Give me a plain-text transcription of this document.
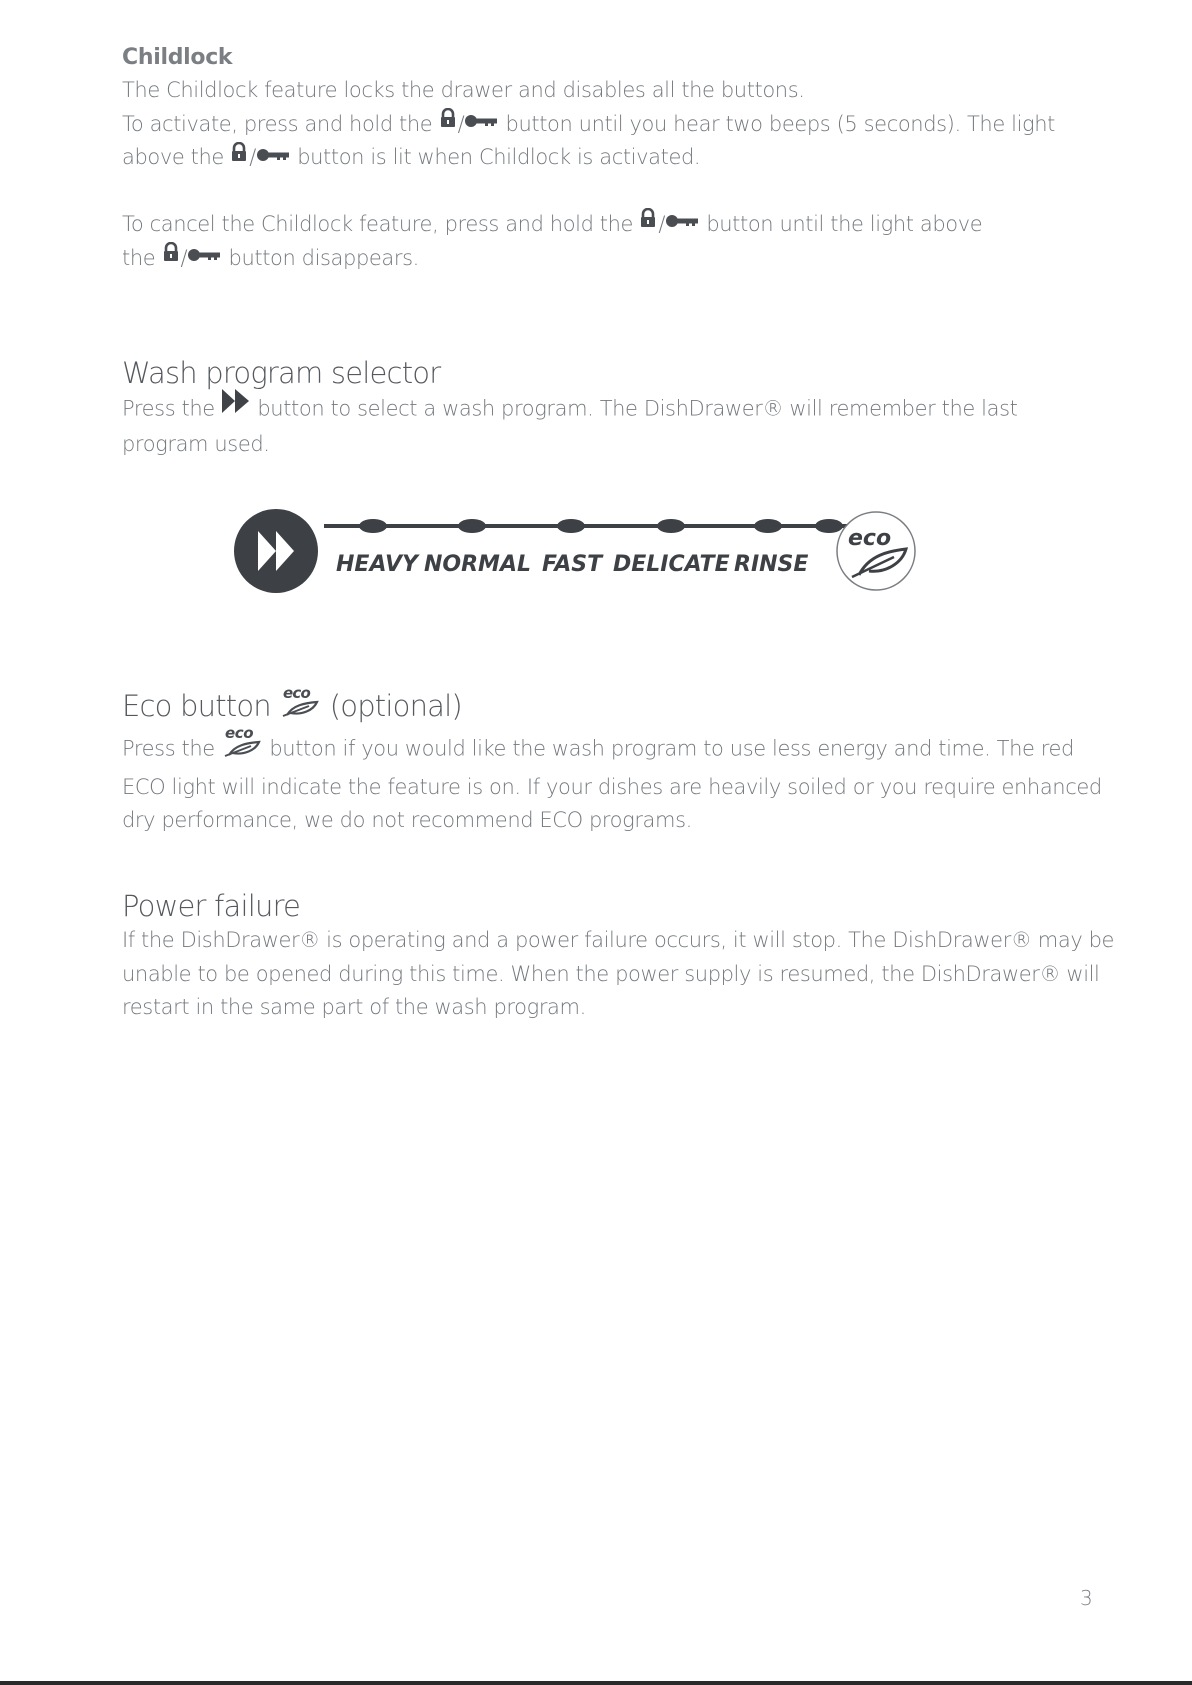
Childlock

The Childlock feature locks the drawer and disables all the buttons.

To activate, press and hold the / button until you hear two beeps (5 seconds). The light

above the / button is lit when Childlock is activated.

To cancel the Childlock feature, press and hold the / button until the light above

the / button disappears.

Wash program selector

Press the button to select a wash program. The DishDrawer® will remember the last

program used.

HEAVY NORMAL FAST DELICATE RINSE
eco

Eco button eco (optional)

Press the
eco
button if you would like the wash program to use less energy and time. The red

ECO light will indicate the feature is on. If your dishes are heavily soiled or you require enhanced

dry performance, we do not recommend ECO programs.

Power failure

If the DishDrawer® is operating and a power failure occurs, it will stop. The DishDrawer® may be

unable to be opened during this time. When the power supply is resumed, the DishDrawer® will

restart in the same part of the wash program.

3
